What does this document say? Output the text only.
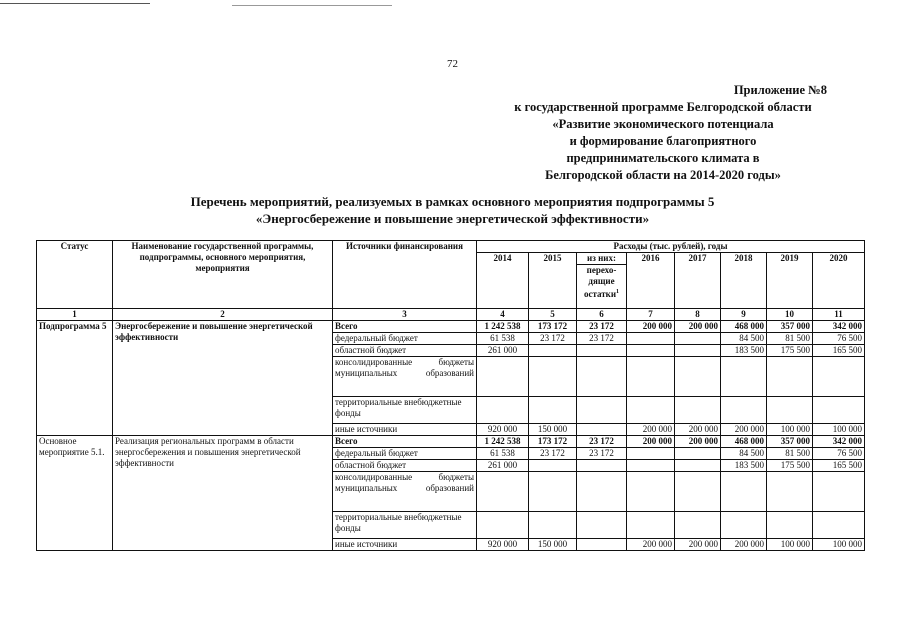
72
Приложение №8
к государственной программе Белгородской области
«Развитие экономического потенциала
и формирование благоприятного
предпринимательского климата в
Белгородской области на 2014-2020 годы»
Перечень мероприятий, реализуемых в рамках основного мероприятия подпрограммы 5
«Энергосбережение и повышение энергетической эффективности»
Статус	Наименование государственной программы, подпрограммы, основного мероприятия, мероприятия	Источники финансирования	Расходы (тыс. рублей), годы							
			2014	2015	из них:	2016	2017	2018	2019	2020
					перехо-дящие остатки$^1$
1	2	3	4	5	6	7	8	9	10	11
Подпрограмма 5	Энергосбережение и повышение энергетической эффективности	Всего	1 242 538	173 172	23 172	200 000	200 000	468 000	357 000	342 000
		федеральный бюджет	61 538	23 172	23 172			84 500	81 500	76 500
		областной бюджет	261 000					183 500	175 500	165 500
		консолидированные бюджеты муниципальных образований								
		территориальные внебюджетные фонды								
		иные источники	920 000	150 000		200 000	200 000	200 000	100 000	100 000
Основное мероприятие 5.1.	Реализация региональных программ в области энергосбережения и повышения энергетической эффективности	Всего	1 242 538	173 172	23 172	200 000	200 000	468 000	357 000	342 000
		федеральный бюджет	61 538	23 172	23 172			84 500	81 500	76 500
		областной бюджет	261 000					183 500	175 500	165 500
		консолидированные бюджеты муниципальных образований								
		территориальные внебюджетные фонды								
		иные источники	920 000	150 000		200 000	200 000	200 000	100 000	100 000
